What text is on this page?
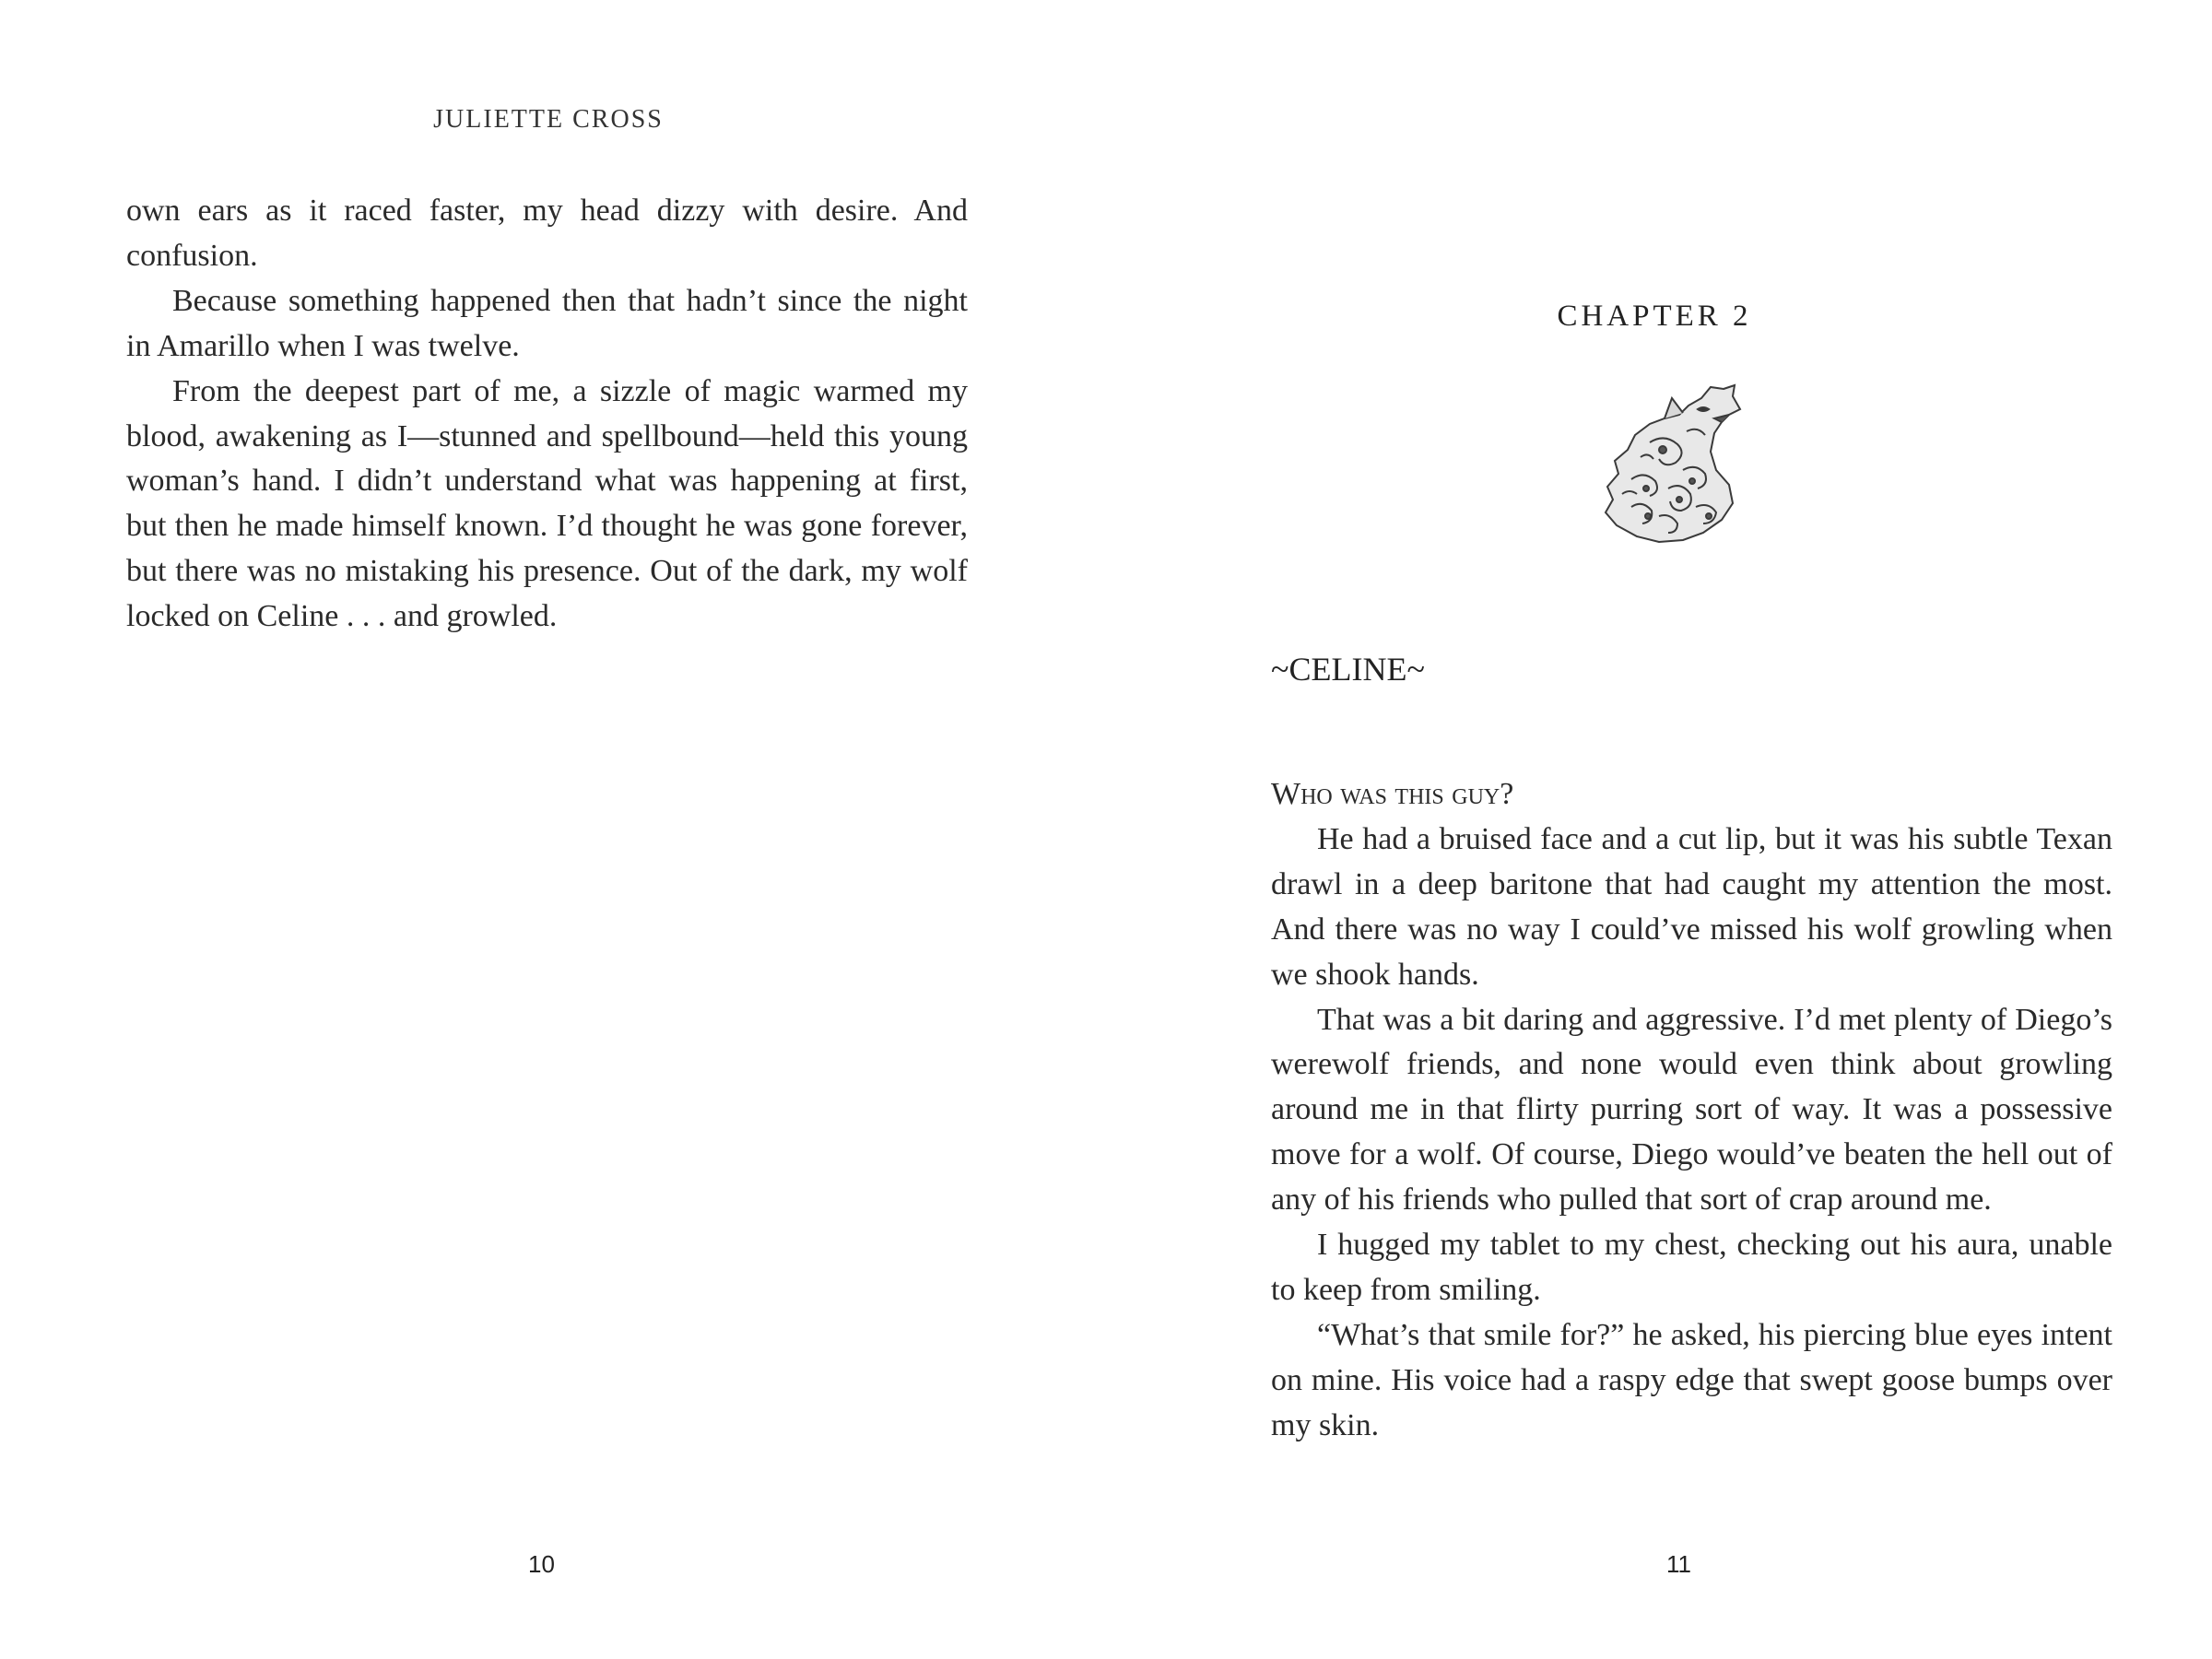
JULIETTE CROSS

own ears as it raced faster, my head dizzy with desire. And confusion.

Because something happened then that hadn’t since the night in Amarillo when I was twelve.

From the deepest part of me, a sizzle of magic warmed my blood, awakening as I—stunned and spellbound—held this young woman’s hand. I didn’t understand what was happening at first, but then he made himself known. I’d thought he was gone forever, but there was no mistaking his presence. Out of the dark, my wolf locked on Celine . . . and growled.

10
CHAPTER 2
~CELINE~

Who was this guy?

He had a bruised face and a cut lip, but it was his subtle Texan drawl in a deep baritone that had caught my attention the most. And there was no way I could’ve missed his wolf growling when we shook hands.

That was a bit daring and aggressive. I’d met plenty of Diego’s werewolf friends, and none would even think about growling around me in that flirty purring sort of way. It was a possessive move for a wolf. Of course, Diego would’ve beaten the hell out of any of his friends who pulled that sort of crap around me.

I hugged my tablet to my chest, checking out his aura, unable to keep from smiling.

“What’s that smile for?” he asked, his piercing blue eyes intent on mine. His voice had a raspy edge that swept goose bumps over my skin.

11
